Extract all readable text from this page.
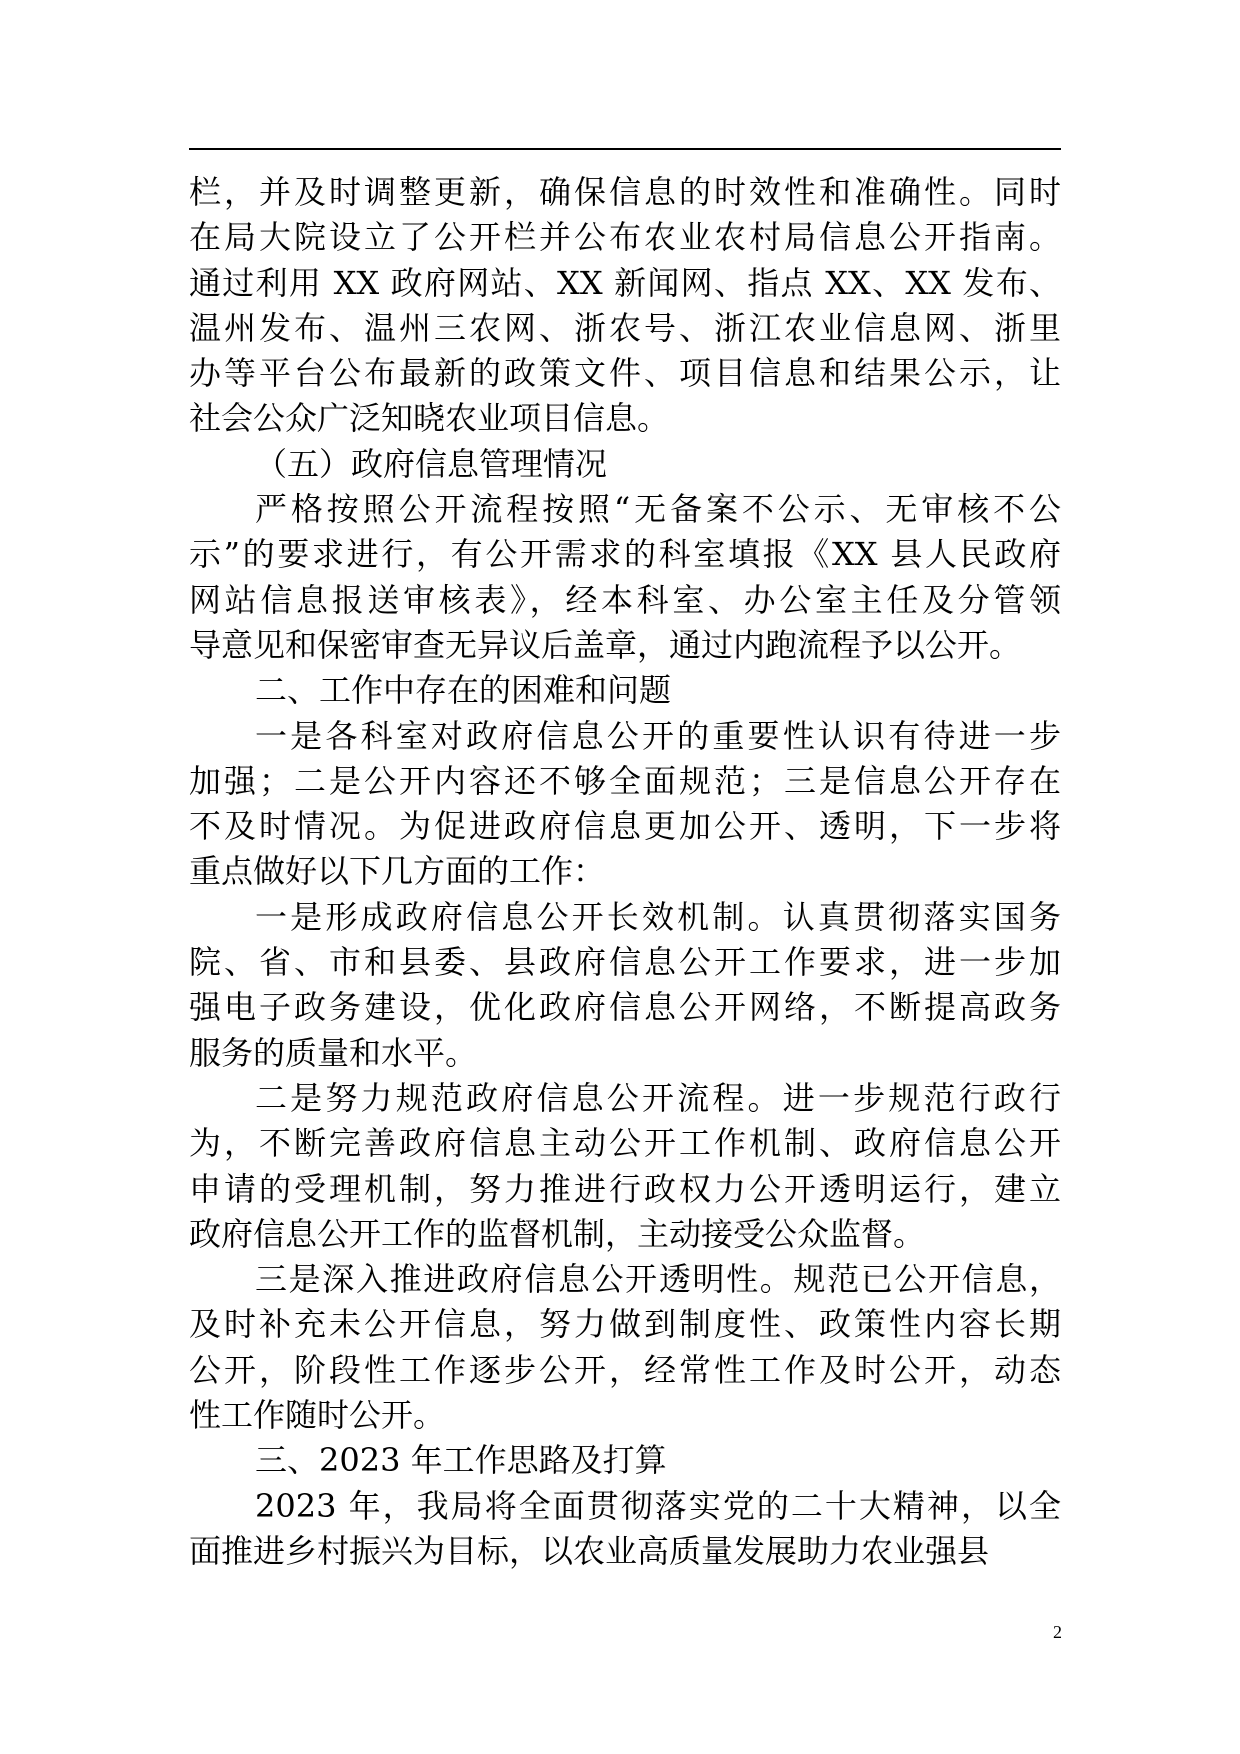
栏，并及时调整更新，确保信息的时效性和准确性。同时
在局大院设立了公开栏并公布农业农村局信息公开指南。
通过利用 XX 政府网站、XX 新闻网、指点 XX、XX 发布、
温州发布、温州三农网、浙农号、浙江农业信息网、浙里
办等平台公布最新的政策文件、项目信息和结果公示，让
社会公众广泛知晓农业项目信息。
（五）政府信息管理情况
严格按照公开流程按照“无备案不公示、无审核不公
示”的要求进行，有公开需求的科室填报《XX 县人民政府
网站信息报送审核表》，经本科室、办公室主任及分管领
导意见和保密审查无异议后盖章，通过内跑流程予以公开。
二、工作中存在的困难和问题
一是各科室对政府信息公开的重要性认识有待进一步
加强；二是公开内容还不够全面规范；三是信息公开存在
不及时情况。为促进政府信息更加公开、透明，下一步将
重点做好以下几方面的工作：
一是形成政府信息公开长效机制。认真贯彻落实国务
院、省、市和县委、县政府信息公开工作要求，进一步加
强电子政务建设，优化政府信息公开网络，不断提高政务
服务的质量和水平。
二是努力规范政府信息公开流程。进一步规范行政行
为，不断完善政府信息主动公开工作机制、政府信息公开
申请的受理机制，努力推进行政权力公开透明运行，建立
政府信息公开工作的监督机制，主动接受公众监督。
三是深入推进政府信息公开透明性。规范已公开信息，
及时补充未公开信息，努力做到制度性、政策性内容长期
公开，阶段性工作逐步公开，经常性工作及时公开，动态
性工作随时公开。
三、2023 年工作思路及打算
2023 年，我局将全面贯彻落实党的二十大精神，以全
面推进乡村振兴为目标，以农业高质量发展助力农业强县
2
